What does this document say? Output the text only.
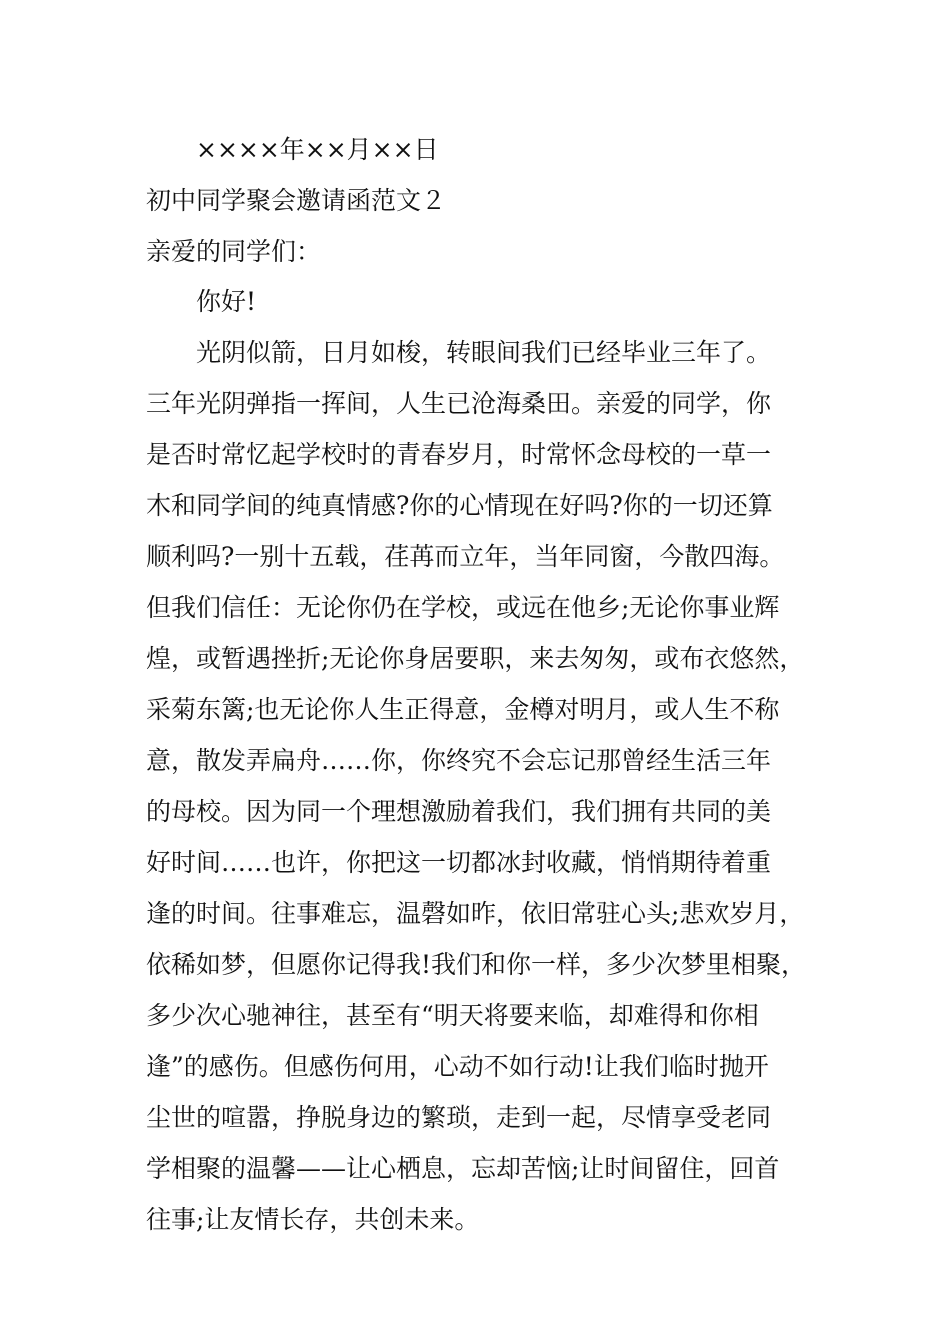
××××年××月××日
初中同学聚会邀请函范文２
亲爱的同学们：
你好!
光阴似箭，日月如梭，转眼间我们已经毕业三年了。
三年光阴弹指一挥间，人生已沧海桑田。亲爱的同学，你
是否时常忆起学校时的青春岁月，时常怀念母校的一草一
木和同学间的纯真情感?你的心情现在好吗?你的一切还算
顺利吗?一别十五载，荏苒而立年，当年同窗，今散四海。
但我们信任：无论你仍在学校，或远在他乡;无论你事业辉
煌，或暂遇挫折;无论你身居要职，来去匆匆，或布衣悠然，
采菊东篱;也无论你人生正得意，金樽对明月，或人生不称
意，散发弄扁舟……你，你终究不会忘记那曾经生活三年
的母校。因为同一个理想激励着我们，我们拥有共同的美
好时间……也许，你把这一切都冰封收藏，悄悄期待着重
逢的时间。往事难忘，温磬如昨，依旧常驻心头;悲欢岁月，
依稀如梦，但愿你记得我!我们和你一样，多少次梦里相聚，
多少次心驰神往，甚至有“明天将要来临，却难得和你相
逢”的感伤。但感伤何用，心动不如行动!让我们临时抛开
尘世的喧嚣，挣脱身边的繁琐，走到一起，尽情享受老同
学相聚的温馨——让心栖息，忘却苦恼;让时间留住，回首
往事;让友情长存，共创未来。
